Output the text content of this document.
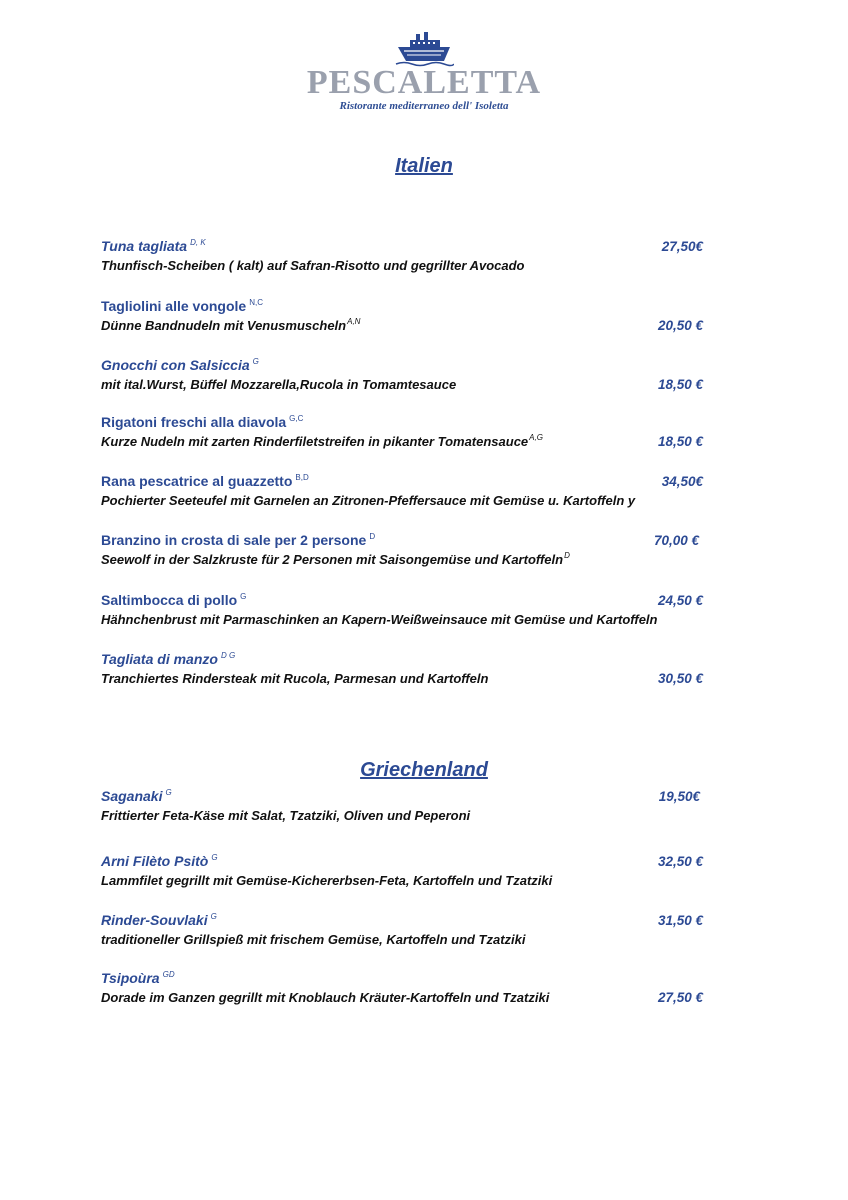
PESCALETTA
Ristorante mediterraneo dell' Isoletta
Italien
Tuna tagliata $^{D, K}$
Thunfisch-Scheiben ( kalt) auf Safran-Risotto und gegrillter Avocado
27,50€
Tagliolini alle vongole $^{N,C}$
Dünne Bandnudeln mit Venusmuscheln$^{A,N}$	20,50 €
Gnocchi con Salsiccia $^G$
mit ital.Wurst, Büffel Mozzarella,Rucola in Tomamtesauce	18,50 €
Rigatoni freschi alla diavola $^{G,C}$
Kurze Nudeln mit zarten Rinderfiletstreifen in pikanter Tomatensauce$^{A,G}$	18,50 €
Rana pescatrice al guazzetto $^{B,D}$
Pochierter Seeteufel mit Garnelen an Zitronen-Pfeffersauce mit Gemüse u. Kartoffeln y
34,50€
Branzino in crosta di sale per 2 persone $^D$
Seewolf in der Salzkruste für 2 Personen mit Saisongemüse und Kartoffeln$^D$
70,00 €
Saltimbocca di pollo $^G$
Hähnchenbrust mit Parmaschinken an Kapern-Weißweinsauce mit Gemüse und Kartoffeln
24,50 €
Tagliata di manzo $^{D G}$
Tranchiertes Rindersteak mit Rucola, Parmesan und Kartoffeln	30,50 €
Griechenland
Saganaki $^G$
Frittierter Feta-Käse mit Salat, Tzatziki, Oliven und Peperoni
19,50€
Arni Filèto Psitò $^G$
Lammfilet gegrillt mit Gemüse-Kichererbsen-Feta, Kartoffeln und Tzatziki
32,50 €
Rinder-Souvlaki $^G$
traditioneller Grillspieß mit frischem Gemüse, Kartoffeln und Tzatziki
31,50 €
Tsipoùra $^{GD}$
Dorade im Ganzen gegrillt mit Knoblauch Kräuter-Kartoffeln und Tzatziki	27,50 €
